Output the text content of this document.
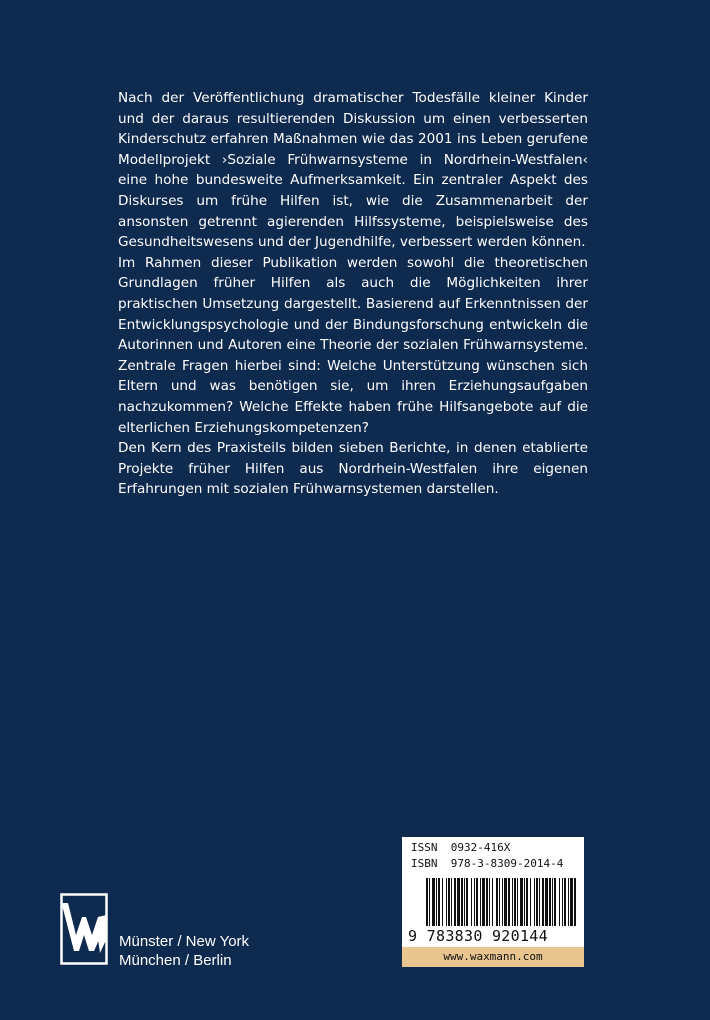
Nach der Veröffentlichung dramatischer Todesfälle kleiner Kinder und der daraus resultierenden Diskussion um einen verbesserten Kinderschutz erfahren Maßnahmen wie das 2001 ins Leben gerufene Modellprojekt ›Soziale Frühwarnsysteme in Nordrhein-Westfalen‹ eine hohe bundesweite Aufmerksamkeit. Ein zentraler Aspekt des Diskurses um frühe Hilfen ist, wie die Zusammenarbeit der ansonsten getrennt agierenden Hilfssysteme, beispielsweise des Gesundheitswesens und der Jugendhilfe, verbessert werden können.

Im Rahmen dieser Publikation werden sowohl die theoretischen Grundlagen früher Hilfen als auch die Möglichkeiten ihrer praktischen Umsetzung dargestellt. Basierend auf Erkenntnissen der Entwicklungspsychologie und der Bindungsforschung entwickeln die Autorinnen und Autoren eine Theorie der sozialen Frühwarnsysteme. Zentrale Fragen hierbei sind: Welche Unterstützung wünschen sich Eltern und was benötigen sie, um ihren Erziehungsaufgaben nachzukommen? Welche Effekte haben frühe Hilfsangebote auf die elterlichen Erziehungskompetenzen?

Den Kern des Praxisteils bilden sieben Berichte, in denen etablierte Projekte früher Hilfen aus Nordrhein-Westfalen ihre eigenen Erfahrungen mit sozialen Frühwarnsystemen darstellen.

ISSN  0932-416X
ISBN  978-3-8309-2014-4
9 783830 920144
www.waxmann.com
Münster / New York
München / Berlin
